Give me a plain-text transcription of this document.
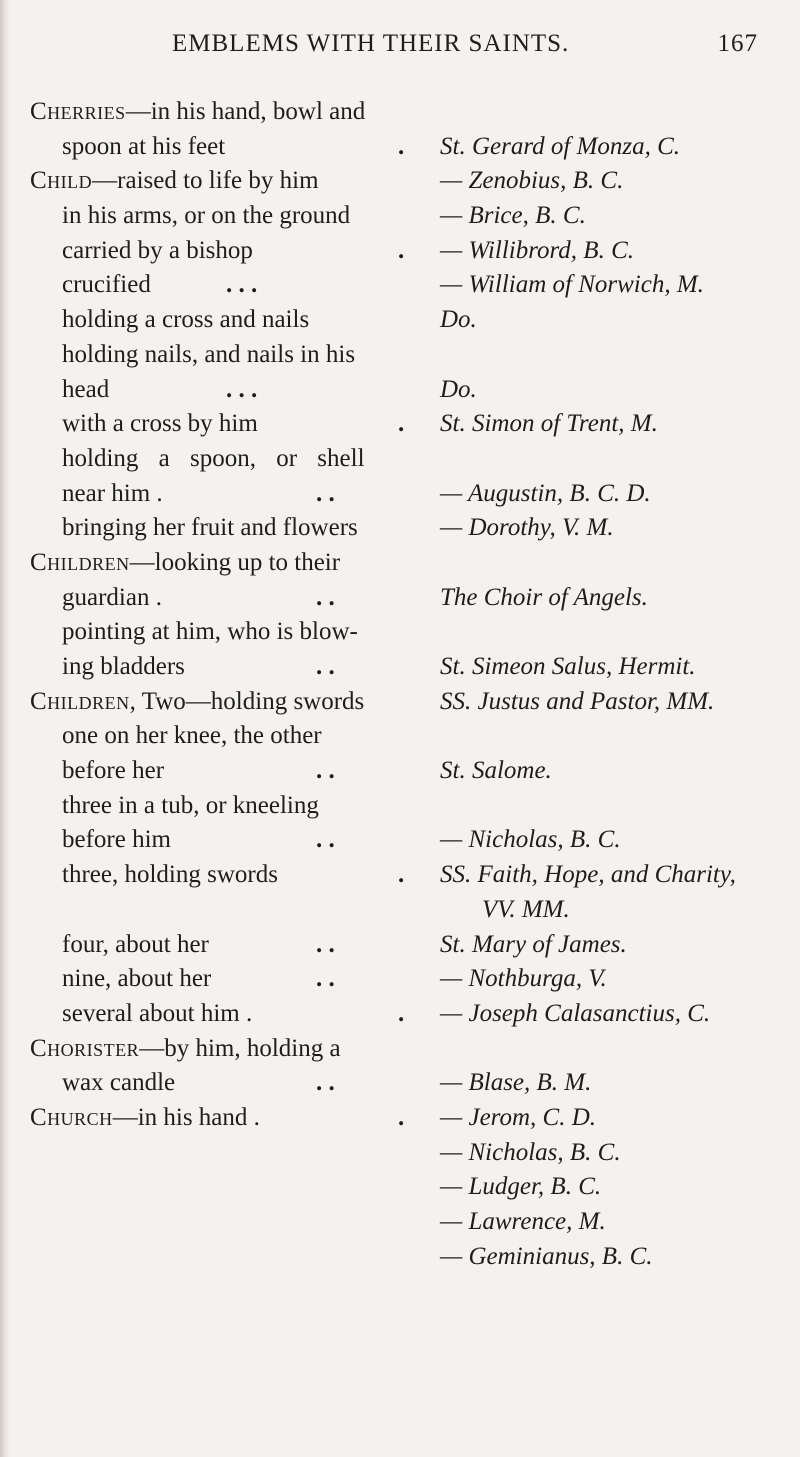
EMBLEMS WITH THEIR SAINTS.	167
Cherries—in his hand, bowl and
spoon at his feet	. St. Gerard of Monza, C.
Child—raised to life by him	— Zenobius, B. C.
in his arms, or on the ground	— Brice, B. C.
carried by a bishop	. — Willibrord, B. C.
crucified	. . .	— William of Norwich, M.
holding a cross and nails	Do.
holding nails, and nails in his
head	. . .	Do.
with a cross by him	. St. Simon of Trent, M.
holding a spoon, or shell
near him .	. .	— Augustin, B. C. D.
bringing her fruit and flowers	— Dorothy, V. M.
Children—looking up to their
guardian .	. .	The Choir of Angels.
pointing at him, who is blow-
ing bladders	. .	St. Simeon Salus, Hermit.
Children, Two—holding swords	SS. Justus and Pastor, MM.
one on her knee, the other
before her	. .	St. Salome.
three in a tub, or kneeling
before him	. .	— Nicholas, B. C.
three, holding swords	. SS. Faith, Hope, and Charity,
VV. MM.
four, about her	. .	St. Mary of James.
nine, about her	. .	— Nothburga, V.
several about him .	. — Joseph Calasanctius, C.
Chorister—by him, holding a
wax candle	. .	— Blase, B. M.
Church—in his hand .	. — Jerom, C. D.
— Nicholas, B. C.
— Ludger, B. C.
— Lawrence, M.
— Geminianus, B. C.
